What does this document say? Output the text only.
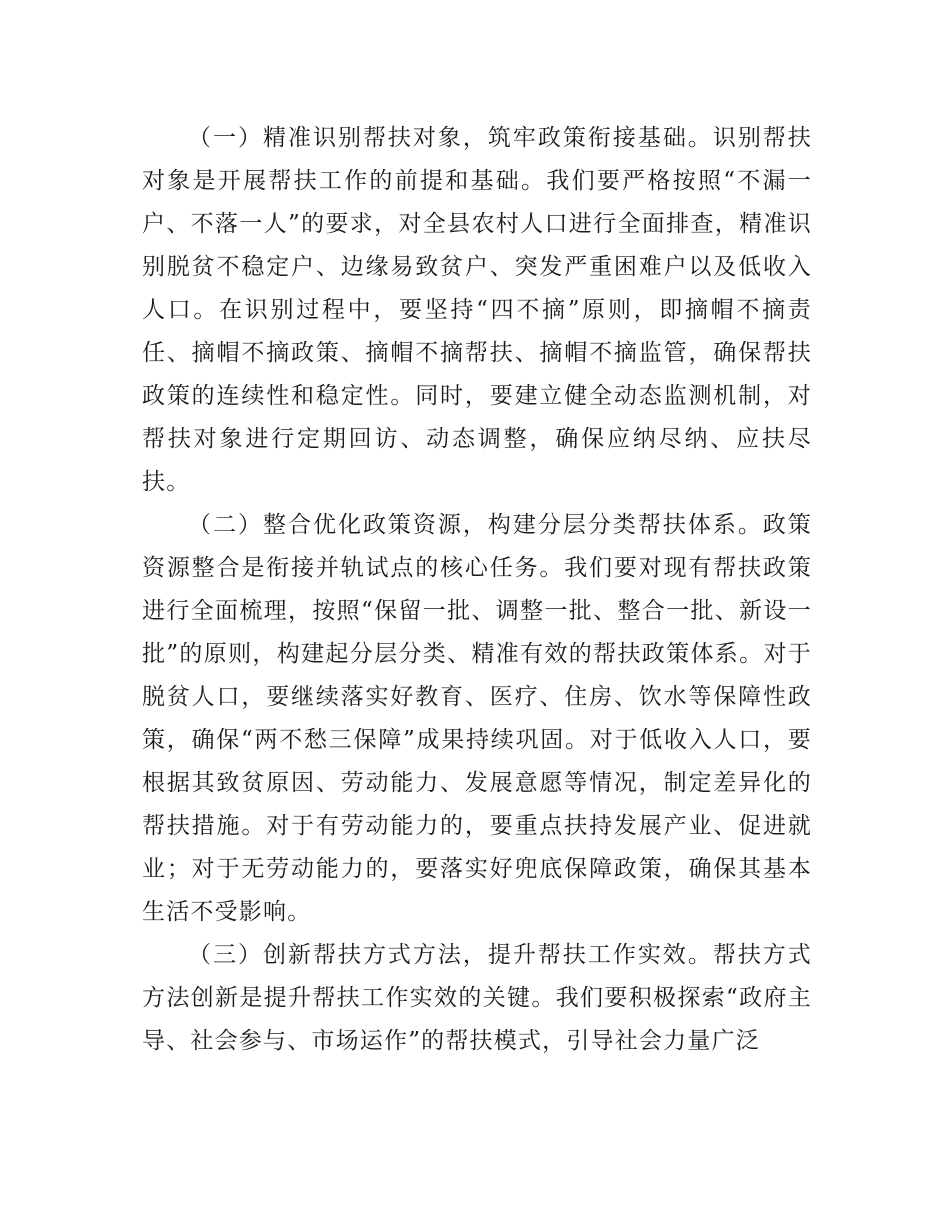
（一）精准识别帮扶对象，筑牢政策衔接基础。识别帮扶对象是开展帮扶工作的前提和基础。我们要严格按照“不漏一户、不落一人”的要求，对全县农村人口进行全面排查，精准识别脱贫不稳定户、边缘易致贫户、突发严重困难户以及低收入人口。在识别过程中，要坚持“四不摘”原则，即摘帽不摘责任、摘帽不摘政策、摘帽不摘帮扶、摘帽不摘监管，确保帮扶政策的连续性和稳定性。同时，要建立健全动态监测机制，对帮扶对象进行定期回访、动态调整，确保应纳尽纳、应扶尽扶。

（二）整合优化政策资源，构建分层分类帮扶体系。政策资源整合是衔接并轨试点的核心任务。我们要对现有帮扶政策进行全面梳理，按照“保留一批、调整一批、整合一批、新设一批”的原则，构建起分层分类、精准有效的帮扶政策体系。对于脱贫人口，要继续落实好教育、医疗、住房、饮水等保障性政策，确保“两不愁三保障”成果持续巩固。对于低收入人口，要根据其致贫原因、劳动能力、发展意愿等情况，制定差异化的帮扶措施。对于有劳动能力的，要重点扶持发展产业、促进就业；对于无劳动能力的，要落实好兜底保障政策，确保其基本生活不受影响。

（三）创新帮扶方式方法，提升帮扶工作实效。帮扶方式方法创新是提升帮扶工作实效的关键。我们要积极探索“政府主导、社会参与、市场运作”的帮扶模式，引导社会力量广泛
